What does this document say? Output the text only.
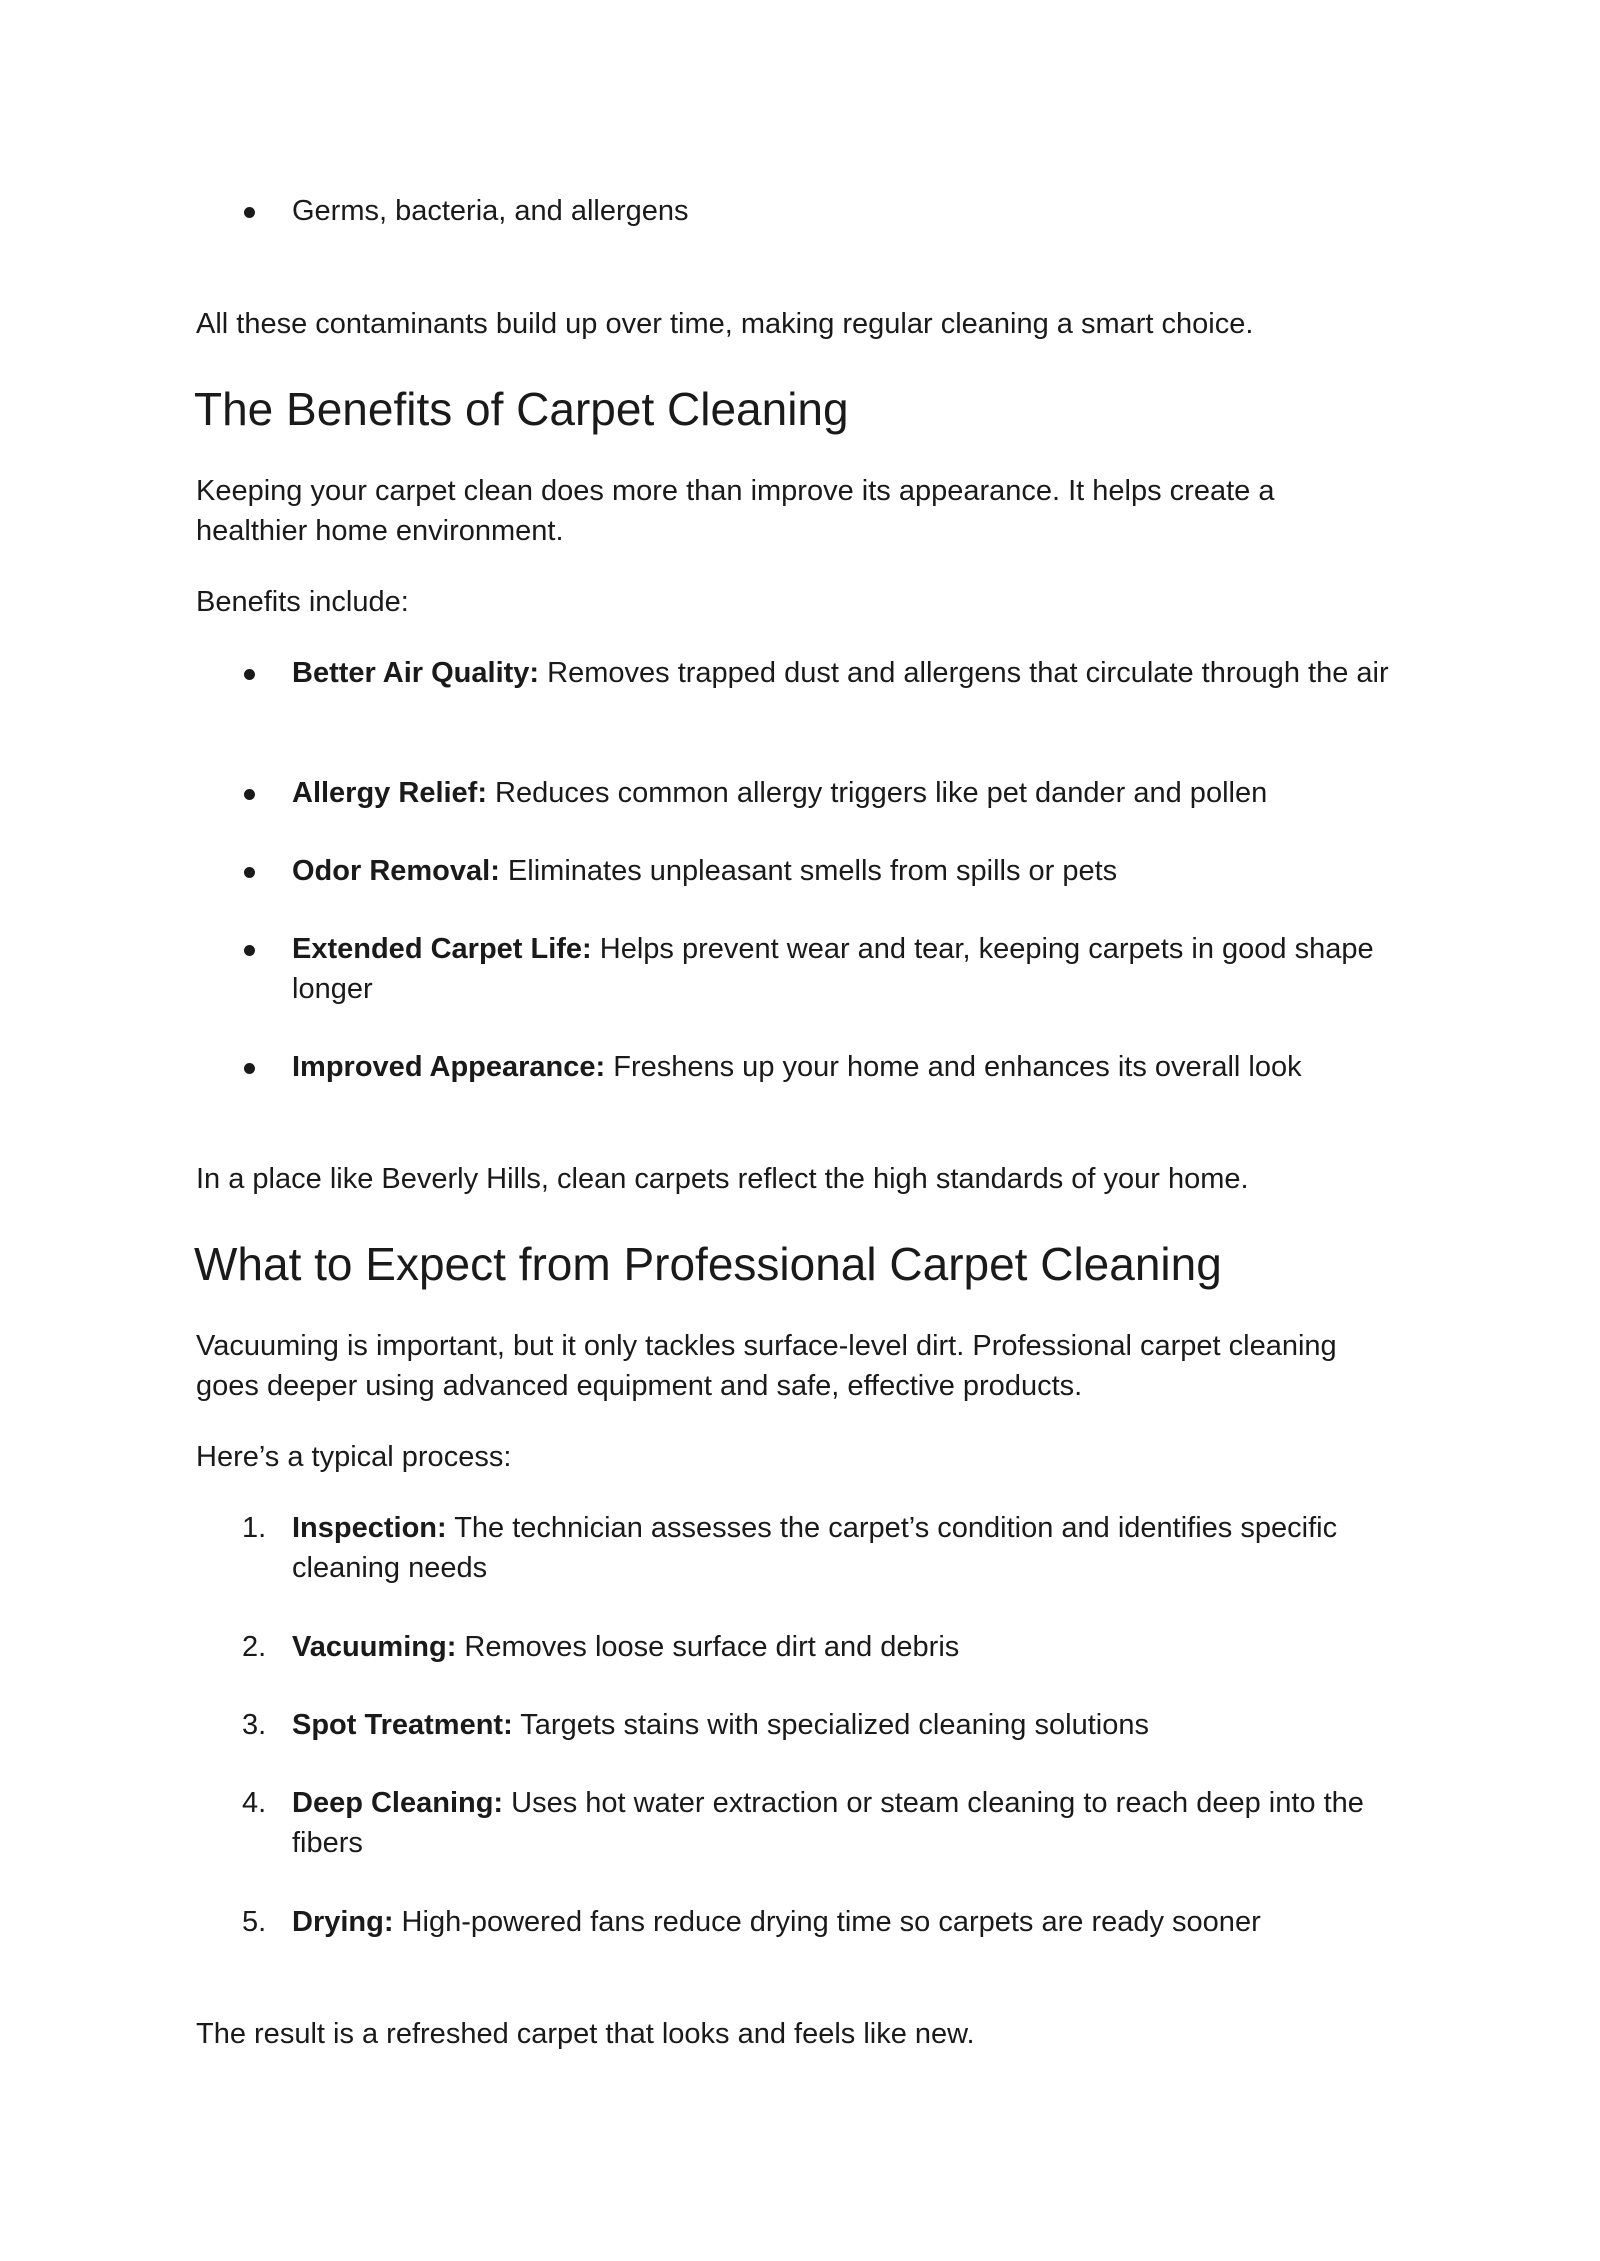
Germs, bacteria, and allergens

All these contaminants build up over time, making regular cleaning a smart choice.

The Benefits of Carpet Cleaning

Keeping your carpet clean does more than improve its appearance. It helps create a healthier home environment.

Benefits include:

Better Air Quality: Removes trapped dust and allergens that circulate through the air
Allergy Relief: Reduces common allergy triggers like pet dander and pollen
Odor Removal: Eliminates unpleasant smells from spills or pets
Extended Carpet Life: Helps prevent wear and tear, keeping carpets in good shape longer
Improved Appearance: Freshens up your home and enhances its overall look

In a place like Beverly Hills, clean carpets reflect the high standards of your home.

What to Expect from Professional Carpet Cleaning

Vacuuming is important, but it only tackles surface-level dirt. Professional carpet cleaning goes deeper using advanced equipment and safe, effective products.

Here’s a typical process:

1. Inspection: The technician assesses the carpet’s condition and identifies specific cleaning needs
2. Vacuuming: Removes loose surface dirt and debris
3. Spot Treatment: Targets stains with specialized cleaning solutions
4. Deep Cleaning: Uses hot water extraction or steam cleaning to reach deep into the fibers
5. Drying: High-powered fans reduce drying time so carpets are ready sooner

The result is a refreshed carpet that looks and feels like new.
